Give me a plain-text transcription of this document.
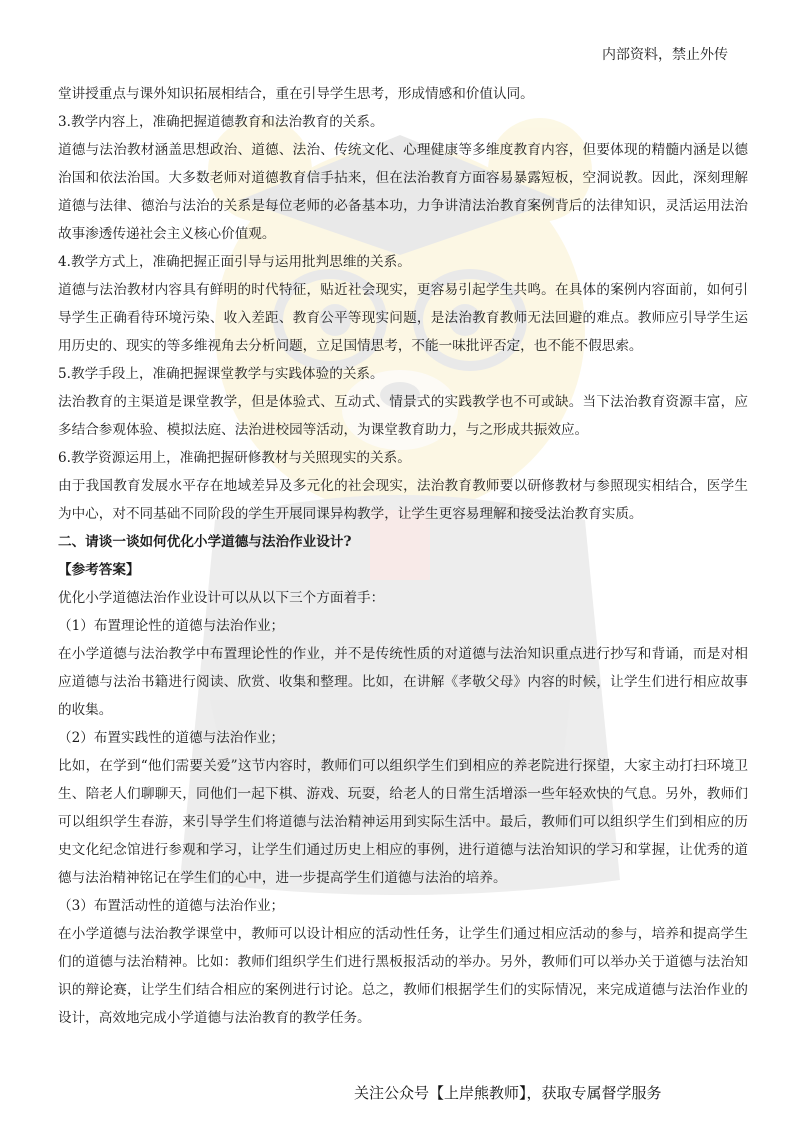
内部资料，禁止外传

堂讲授重点与课外知识拓展相结合，重在引导学生思考，形成情感和价值认同。

3.教学内容上，准确把握道德教育和法治教育的关系。

道德与法治教材涵盖思想政治、道德、法治、传统文化、心理健康等多维度教育内容，但要体现的精髓内涵是以德治国和依法治国。大多数老师对道德教育信手拈来，但在法治教育方面容易暴露短板，空洞说教。因此，深刻理解道德与法律、德治与法治的关系是每位老师的必备基本功，力争讲清法治教育案例背后的法律知识，灵活运用法治故事渗透传递社会主义核心价值观。

4.教学方式上，准确把握正面引导与运用批判思维的关系。

道德与法治教材内容具有鲜明的时代特征，贴近社会现实，更容易引起学生共鸣。在具体的案例内容面前，如何引导学生正确看待环境污染、收入差距、教育公平等现实问题，是法治教育教师无法回避的难点。教师应引导学生运用历史的、现实的等多维视角去分析问题，立足国情思考，不能一味批评否定，也不能不假思索。

5.教学手段上，准确把握课堂教学与实践体验的关系。

法治教育的主渠道是课堂教学，但是体验式、互动式、情景式的实践教学也不可或缺。当下法治教育资源丰富，应多结合参观体验、模拟法庭、法治进校园等活动，为课堂教育助力，与之形成共振效应。

6.教学资源运用上，准确把握研修教材与关照现实的关系。

由于我国教育发展水平存在地域差异及多元化的社会现实，法治教育教师要以研修教材与参照现实相结合，医学生为中心，对不同基础不同阶段的学生开展同课异构教学，让学生更容易理解和接受法治教育实质。

二、请谈一谈如何优化小学道德与法治作业设计?

【参考答案】

优化小学道德法治作业设计可以从以下三个方面着手：

（1）布置理论性的道德与法治作业；

在小学道德与法治教学中布置理论性的作业，并不是传统性质的对道德与法治知识重点进行抄写和背诵，而是对相应道德与法治书籍进行阅读、欣赏、收集和整理。比如，在讲解《孝敬父母》内容的时候，让学生们进行相应故事的收集。

（2）布置实践性的道德与法治作业；

比如，在学到“他们需要关爱”这节内容时，教师们可以组织学生们到相应的养老院进行探望，大家主动打扫环境卫生、陪老人们聊聊天，同他们一起下棋、游戏、玩耍，给老人的日常生活增添一些年轻欢快的气息。另外，教师们可以组织学生春游，来引导学生们将道德与法治精神运用到实际生活中。最后，教师们可以组织学生们到相应的历史文化纪念馆进行参观和学习，让学生们通过历史上相应的事例，进行道德与法治知识的学习和掌握，让优秀的道德与法治精神铭记在学生们的心中，进一步提高学生们道德与法治的培养。

（3）布置活动性的道德与法治作业；

在小学道德与法治教学课堂中，教师可以设计相应的活动性任务，让学生们通过相应活动的参与，培养和提高学生们的道德与法治精神。比如：教师们组织学生们进行黑板报活动的举办。另外，教师们可以举办关于道德与法治知识的辩论赛，让学生们结合相应的案例进行讨论。总之，教师们根据学生们的实际情况，来完成道德与法治作业的设计，高效地完成小学道德与法治教育的教学任务。

关注公众号【上岸熊教师】，获取专属督学服务
